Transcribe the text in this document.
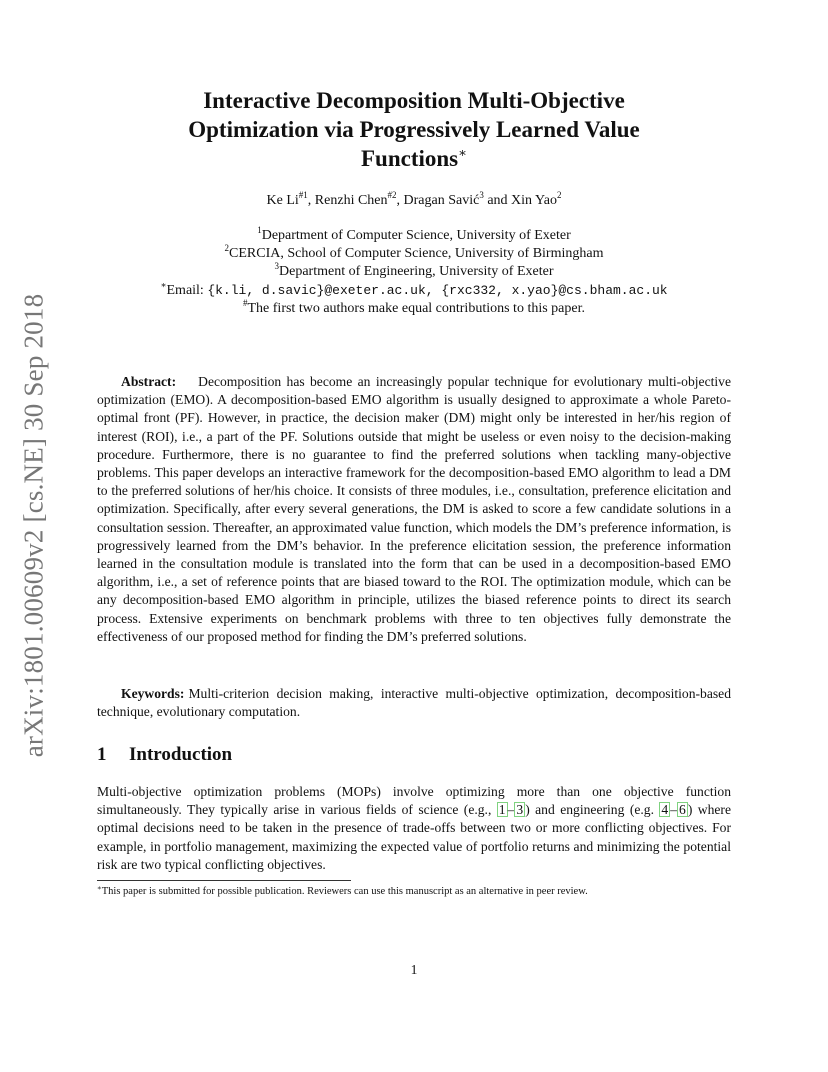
arXiv:1801.00609v2 [cs.NE] 30 Sep 2018
Interactive Decomposition Multi-Objective
Optimization via Progressively Learned Value
Functions∗
Ke Li$^{\#1}$, Renzhi Chen$^{\#2}$, Dragan Savić$^3$ and Xin Yao$^2$
$^1$Department of Computer Science, University of Exeter
$^2$CERCIA, School of Computer Science, University of Birmingham
$^3$Department of Engineering, University of Exeter
∗Email: {k.li, d.savic}@exeter.ac.uk, {rxc332, x.yao}@cs.bham.ac.uk
#The first two authors make equal contributions to this paper.
Abstract: Decomposition has become an increasingly popular technique for evolutionary multi-objective optimization (EMO). A decomposition-based EMO algorithm is usually designed to approximate a whole Pareto-optimal front (PF). However, in practice, the decision maker (DM) might only be interested in her/his region of interest (ROI), i.e., a part of the PF. Solutions outside that might be useless or even noisy to the decision-making procedure. Furthermore, there is no guarantee to find the preferred solutions when tackling many-objective problems. This paper develops an interactive framework for the decomposition-based EMO algorithm to lead a DM to the preferred solutions of her/his choice. It consists of three modules, i.e., consultation, preference elicitation and optimization. Specifically, after every several generations, the DM is asked to score a few candidate solutions in a consultation session. Thereafter, an approximated value function, which models the DM’s preference information, is progressively learned from the DM’s behavior. In the preference elicitation session, the preference information learned in the consultation module is translated into the form that can be used in a decomposition-based EMO algorithm, i.e., a set of reference points that are biased toward to the ROI. The optimization module, which can be any decomposition-based EMO algorithm in principle, utilizes the biased reference points to direct its search process. Extensive experiments on benchmark problems with three to ten objectives fully demonstrate the effectiveness of our proposed method for finding the DM’s preferred solutions.
Keywords: Multi-criterion decision making, interactive multi-objective optimization, decomposition-based technique, evolutionary computation.
1 Introduction
Multi-objective optimization problems (MOPs) involve optimizing more than one objective function simultaneously. They typically arise in various fields of science (e.g., 1 – 3 ) and engineering (e.g. 4 – 6 ) where optimal decisions need to be taken in the presence of trade-offs between two or more conflicting objectives. For example, in portfolio management, maximizing the expected value of portfolio returns and minimizing the potential risk are two typical conflicting objectives.
∗This paper is submitted for possible publication. Reviewers can use this manuscript as an alternative in peer review.
1
